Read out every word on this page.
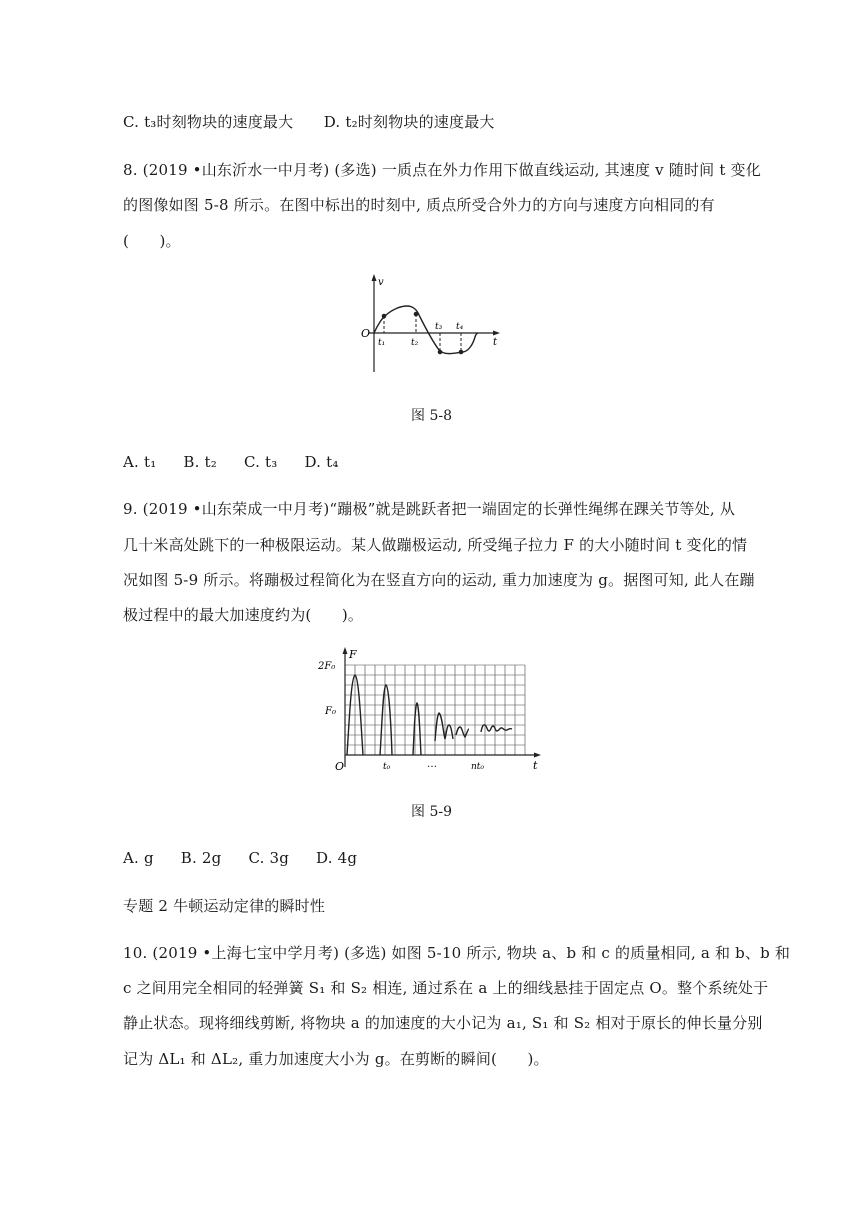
C. t₃时刻物块的速度最大　　D. t₂时刻物块的速度最大
8. (2019 •山东沂水一中月考) (多选) 一质点在外力作用下做直线运动, 其速度 v 随时间 t 变化
的图像如图 5-8 所示。在图中标出的时刻中, 质点所受合外力的方向与速度方向相同的有
(　　)。
v
t
O
t₁	t₂
t₃ t₄
图 5-8
A. t₁ B. t₂ C. t₃ D. t₄
9. (2019 •山东荣成一中月考)“蹦极”就是跳跃者把一端固定的长弹性绳绑在踝关节等处, 从
几十米高处跳下的一种极限运动。某人做蹦极运动, 所受绳子拉力 F 的大小随时间 t 变化的情
况如图 5-9 所示。将蹦极过程简化为在竖直方向的运动, 重力加速度为 g。据图可知, 此人在蹦
极过程中的最大加速度约为(　　)。
F
2F₀
F₀
O	t₀	…	nt₀	t
图 5-9
A. g B. 2g C. 3g D. 4g
专题 2 牛顿运动定律的瞬时性
10. (2019 •上海七宝中学月考) (多选) 如图 5-10 所示, 物块 a、b 和 c 的质量相同, a 和 b、b 和
c 之间用完全相同的轻弹簧 S₁ 和 S₂ 相连, 通过系在 a 上的细线悬挂于固定点 O。整个系统处于
静止状态。现将细线剪断, 将物块 a 的加速度的大小记为 a₁, S₁ 和 S₂ 相对于原长的伸长量分别
记为 ΔL₁ 和 ΔL₂, 重力加速度大小为 g。在剪断的瞬间(　　)。
